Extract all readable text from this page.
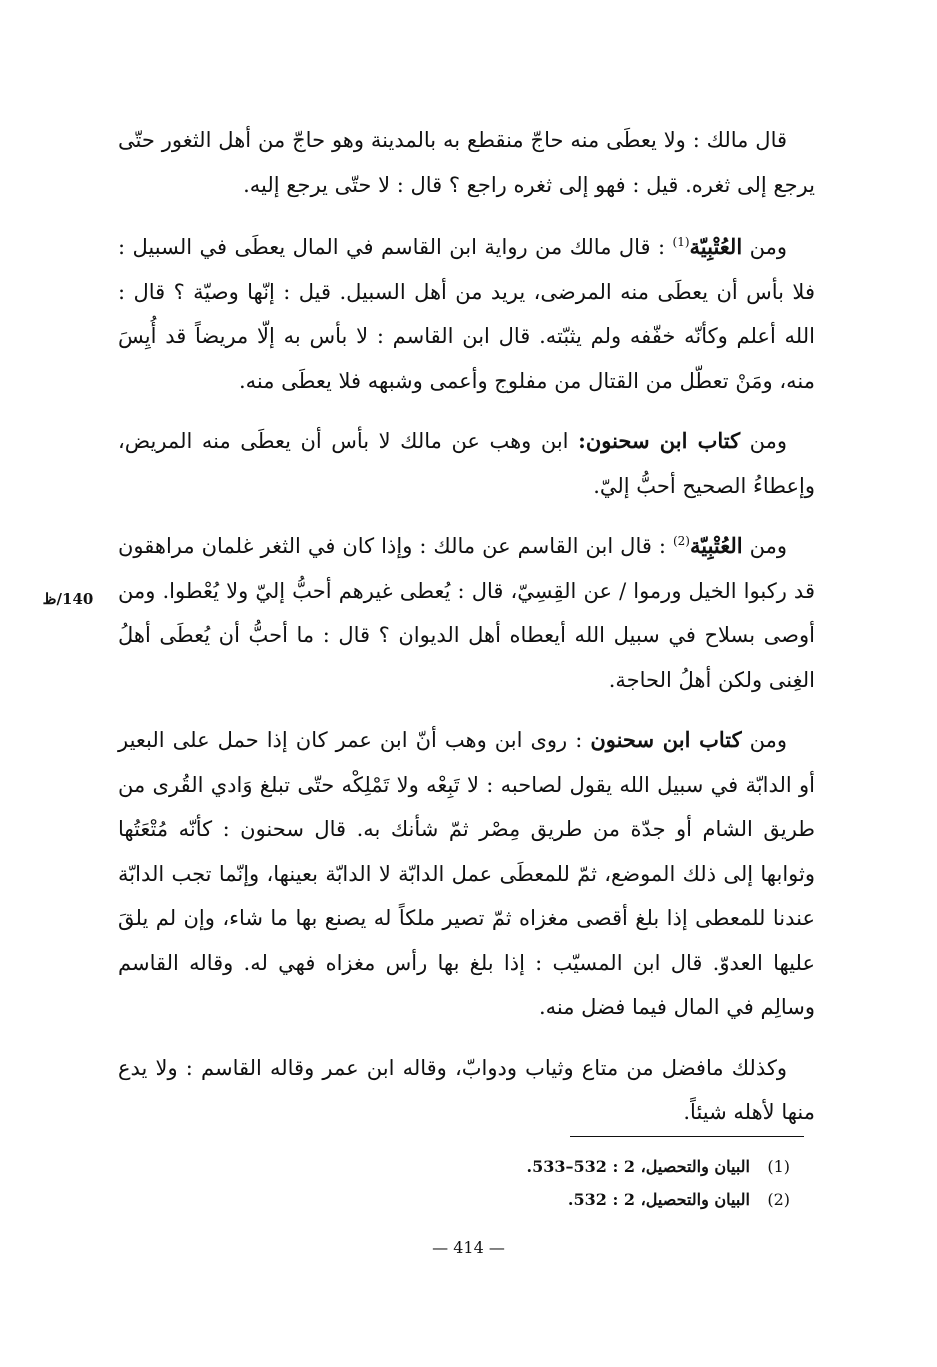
قال مالك : ولا يعطَى منه حاجّ منقطع به بالمدينة وهو حاجّ من أهل الثغور حتّى يرجع إلى ثغره. قيل : فهو إلى ثغره راجع ؟ قال : لا حتّى يرجع إليه.

ومن العُتْبِيّة$^{(1)}$ : قال مالك من رواية ابن القاسم في المال يعطَى في السبيل : فلا بأس أن يعطَى منه المرضى، يريد من أهل السبيل. قيل : إنّها وصيّة ؟ قال : الله أعلم وكأنّه خفّفه ولم يثبّته. قال ابن القاسم : لا بأس به إلّا مريضاً قد أُيِسَ منه، ومَنْ تعطّل من القتال من مفلوج وأعمى وشبهه فلا يعطَى منه.

ومن كتاب ابن سحنون: ابن وهب عن مالك لا بأس أن يعطَى منه المريض، وإعطاءُ الصحيح أحبُّ إليّ.

ومن العُتْبِيّة$^{(2)}$ : قال ابن القاسم عن مالك : وإذا كان في الثغر غلمان مراهقون قد ركبوا الخيل ورموا / عن القِسِيّ، قال : يُعطى غيرهم أحبُّ إليّ ولا يُعْطوا. ومن أوصى بسلاح في سبيل الله أيعطاه أهل الديوان ؟ قال : ما أحبُّ أن يُعطَى أهلُ الغِنى ولكن أهلُ الحاجة.

ومن كتاب ابن سحنون : روى ابن وهب أنّ ابن عمر كان إذا حمل على البعير أو الدابّة في سبيل الله يقول لصاحبه : لا تَبِعْه ولا تَمْلِكْه حتّى تبلغ وَادي القُرى من طريق الشام أو جدّة من طريق مِصْر ثمّ شأنك به. قال سحنون : كأنّه مُتْعَتُها وثوابها إلى ذلك الموضع، ثمّ للمعطَى عمل الدابّة لا الدابّة بعينها، وإنّما تجب الدابّة عندنا للمعطى إذا بلغ أقصى مغزاه ثمّ تصير ملكاً له يصنع بها ما شاء، وإن لم يلقَ عليها العدوّ. قال ابن المسيّب : إذا بلغ بها رأس مغزاه فهي له. وقاله القاسم وسالِم في المال فيما فضل منه.

وكذلك مافضل من متاع وثياب ودوابّ، وقاله ابن عمر وقاله القاسم : ولا يدع منها لأهله شيئاً.

140/ظ
(1)البيان والتحصيل، 2 : 532–533.
(2)البيان والتحصيل، 2 : 532.
— 414 —
